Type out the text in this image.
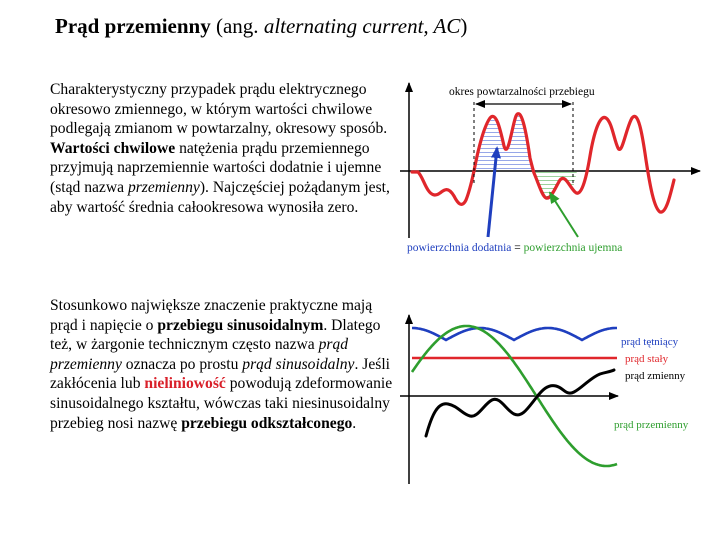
Prąd przemienny (ang. alternating current, AC)
Charakterystyczny przypadek prądu elektrycznego okresowo zmiennego, w którym wartości chwilowe podlegają zmianom w powtarzalny, okresowy sposób. Wartości chwilowe natężenia prądu przemiennego przyjmują naprzemiennie wartości dodatnie i ujemne (stąd nazwa przemienny). Najczęściej pożądanym jest, aby wartość średnia całookresowa wynosiła zero.
Stosunkowo największe znaczenie praktyczne mają prąd i napięcie o przebiegu sinusoidalnym. Dlatego też, w żargonie technicznym często nazwa prąd przemienny oznacza po prostu prąd sinusoidalny. Jeśli zakłócenia lub nieliniowość powodują zdeformowanie sinusoidalnego kształtu, wówczas taki niesinusoidalny przebieg nosi nazwę przebiegu odkształconego.
okres powtarzalności przebiegu
powierzchnia dodatnia = powierzchnia ujemna
prąd tętniący
prąd stały
prąd zmienny
prąd przemienny
